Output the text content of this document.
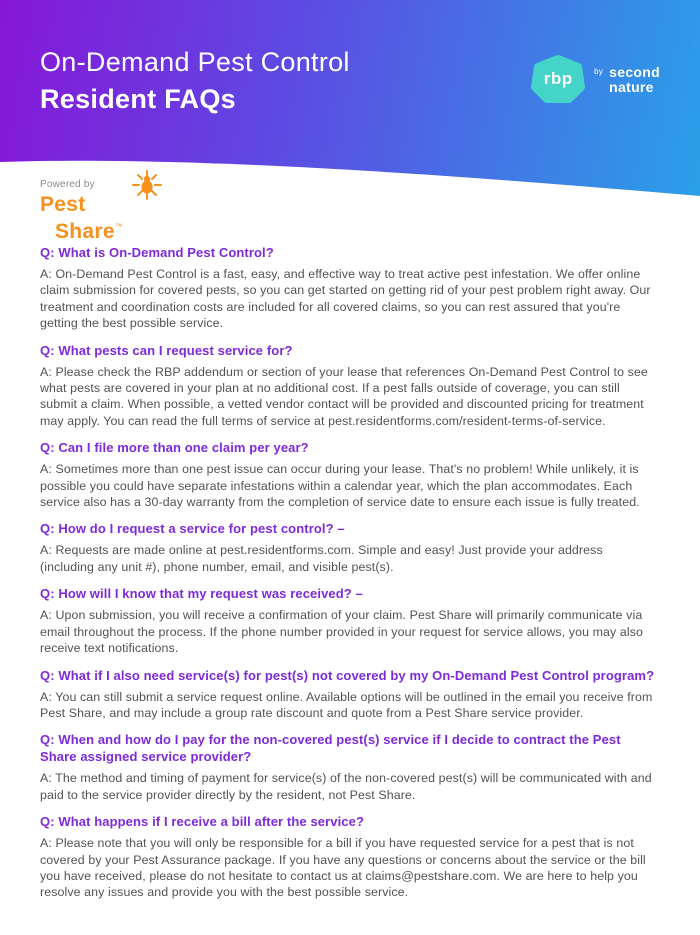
On-Demand Pest Control
Resident FAQs
rbp	by second
nature
Powered by
Pest
Share™
Q: What is On-Demand Pest Control?

A: On-Demand Pest Control is a fast, easy, and effective way to treat active pest infestation. We offer online claim submission for covered pests, so you can get started on getting rid of your pest problem right away. Our treatment and coordination costs are included for all covered claims, so you can rest assured that you're getting the best possible service.

Q: What pests can I request service for?

A: Please check the RBP addendum or section of your lease that references On-Demand Pest Control to see what pests are covered in your plan at no additional cost. If a pest falls outside of coverage, you can still submit a claim. When possible, a vetted vendor contact will be provided and discounted pricing for treatment may apply. You can read the full terms of service at pest.residentforms.com/resident-terms-of-service.

Q: Can I file more than one claim per year?

A: Sometimes more than one pest issue can occur during your lease. That's no problem! While unlikely, it is possible you could have separate infestations within a calendar year, which the plan accommodates. Each service also has a 30-day warranty from the completion of service date to ensure each issue is fully treated.

Q: How do I request a service for pest control? –

A: Requests are made online at pest.residentforms.com. Simple and easy! Just provide your address (including any unit #), phone number, email, and visible pest(s).

Q: How will I know that my request was received? –

A: Upon submission, you will receive a confirmation of your claim. Pest Share will primarily communicate via email throughout the process. If the phone number provided in your request for service allows, you may also receive text notifications.

Q: What if I also need service(s) for pest(s) not covered by my On-Demand Pest Control program?

A: You can still submit a service request online. Available options will be outlined in the email you receive from Pest Share, and may include a group rate discount and quote from a Pest Share service provider.

Q: When and how do I pay for the non-covered pest(s) service if I decide to contract the Pest Share assigned service provider?

A: The method and timing of payment for service(s) of the non-covered pest(s) will be communicated with and paid to the service provider directly by the resident, not Pest Share.

Q: What happens if I receive a bill after the service?

A: Please note that you will only be responsible for a bill if you have requested service for a pest that is not covered by your Pest Assurance package. If you have any questions or concerns about the service or the bill you have received, please do not hesitate to contact us at claims@pestshare.com. We are here to help you resolve any issues and provide you with the best possible service.
